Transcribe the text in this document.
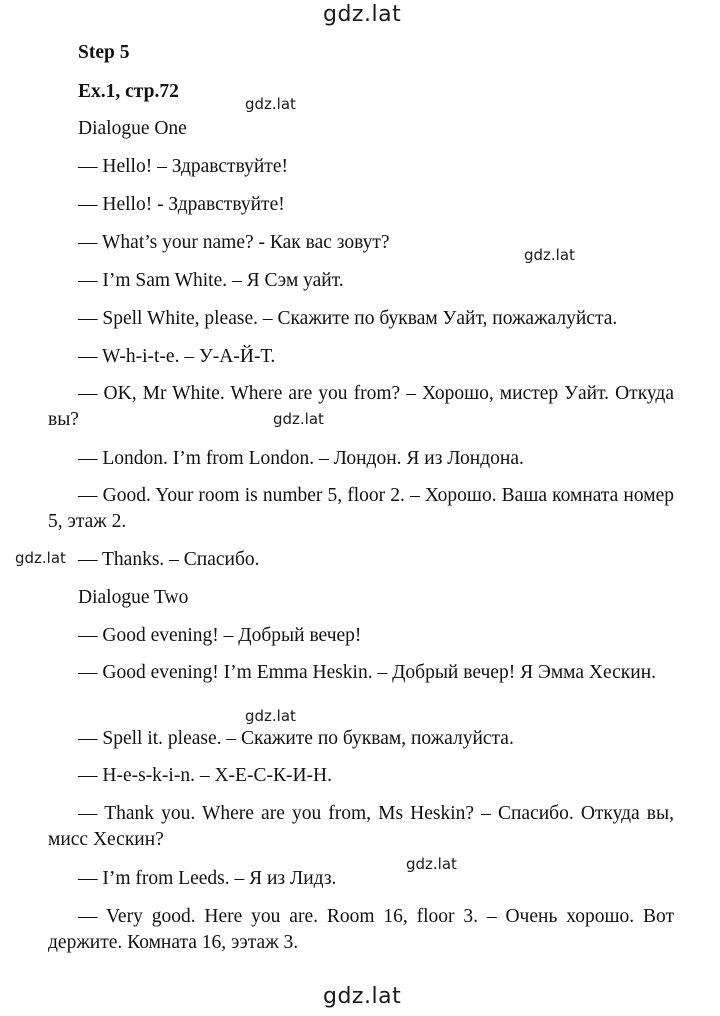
gdz.lat
Step 5
Ex.1, стр.72
gdz.lat
Dialogue One
— Hello! – Здравствуйте!
— Hello! - Здравствуйте!
— What’s your name? - Как вас зовут?
gdz.lat
— I’m Sam White. – Я Сэм уайт.
— Spell White, please. – Скажите по буквам Уайт, пожажалуйста.
— W-h-i-t-e. – У-А-Й-Т.
— OK, Mr White. Where are you from? – Хорошо, мистер Уайт. Откуда вы?	gdz.lat
— London. I’m from London. – Лондон. Я из Лондона.
— Good. Your room is number 5, floor 2. – Хорошо. Ваша комната номер 5, этаж 2.
gdz.lat — Thanks. – Спасибо.
Dialogue Two
— Good evening! – Добрый вечер!
— Good evening! I’m Emma Heskin. – Добрый вечер! Я Эмма Хескин.
gdz.lat
— Spell it. please. – Скажите по буквам, пожалуйста.
— H-e-s-k-i-n. – Х-Е-С-К-И-Н.
— Thank you. Where are you from, Ms Heskin? – Спасибо. Откуда вы, мисс Хескин?
gdz.lat
— I’m from Leeds. – Я из Лидз.
— Very good. Here you are. Room 16, floor 3. – Очень хорошо. Вот держите. Комната 16, ээтаж 3.
gdz.lat
